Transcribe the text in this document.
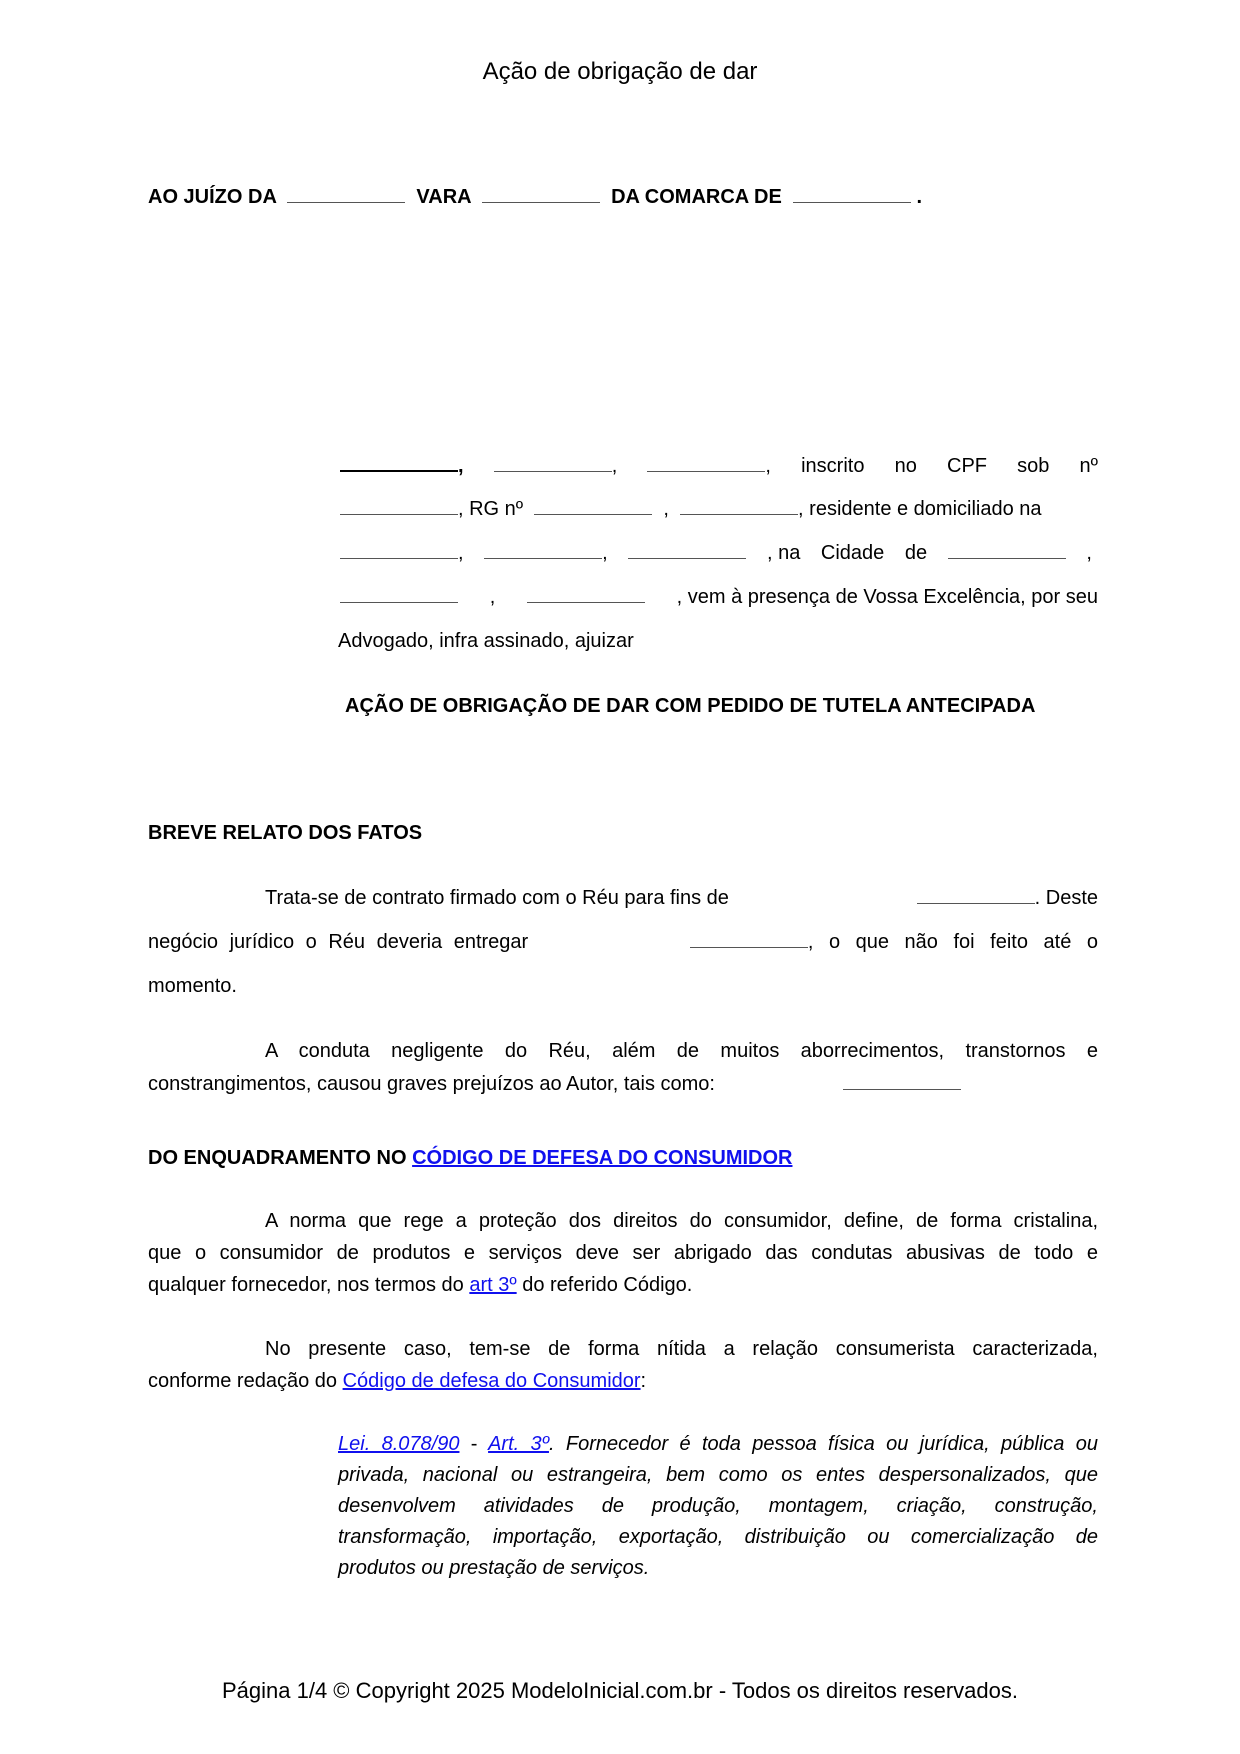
Ação de obrigação de dar
AO JUÍZO DA	VARA	DA COMARCA DE	.
,	,	, inscrito no CPF sob nº
, RG nº	,	, residente e domiciliado na
,	,	, na Cidade de	,
,	, vem à presença de Vossa Excelência, por seu
Advogado, infra assinado, ajuizar
AÇÃO DE OBRIGAÇÃO DE DAR COM PEDIDO DE TUTELA ANTECIPADA
BREVE RELATO DOS FATOS
Trata-se de contrato firmado com o Réu para fins de	. Deste
negócio jurídico o Réu deveria entregar	, o que não foi feito até o
momento.
A conduta negligente do Réu, além de muitos aborrecimentos, transtornos e
constrangimentos, causou graves prejuízos ao Autor, tais como:
DO ENQUADRAMENTO NO CÓDIGO DE DEFESA DO CONSUMIDOR
A norma que rege a proteção dos direitos do consumidor, define, de forma cristalina,
que o consumidor de produtos e serviços deve ser abrigado das condutas abusivas de todo e
qualquer fornecedor, nos termos do art 3º do referido Código.
No presente caso, tem-se de forma nítida a relação consumerista caracterizada,
conformе redação do Código de defesa do Consumidor:
Lei. 8.078/90 - Art. 3º. Fornecedor é toda pessoa física ou jurídica, pública ou
privada, nacional ou estrangeira, bem como os entes despersonalizados, que
desenvolvem atividades de produção, montagem, criação, construção,
transformação, importação, exportação, distribuição ou comercialização de
produtos ou prestação de serviços.
Página 1/4 © Copyright 2025 ModeloInicial.com.br - Todos os direitos reservados.
